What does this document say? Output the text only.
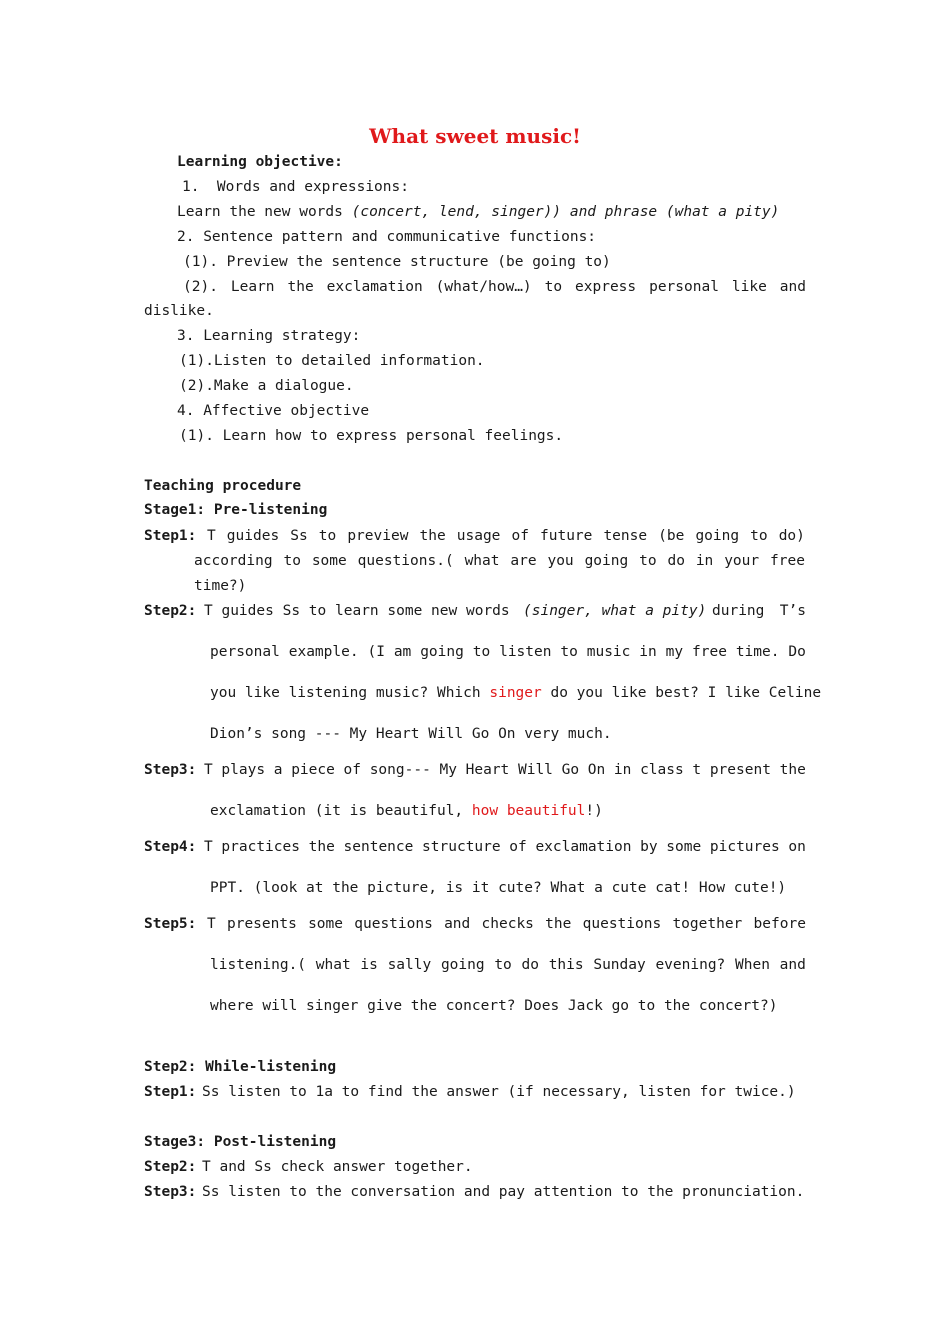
What sweet music!
Learning objective:
1.  Words and expressions:
Learn the new words (concert, lend, singer)) and phrase (what a pity)
2. Sentence pattern and communicative functions:
(1). Preview the sentence structure (be going to)
(2). Learn the exclamation (what/how…) to express personal like and
dislike.
3. Learning strategy:
(1).Listen to detailed information.
(2).Make a dialogue.
4. Affective objective
(1). Learn how to express personal feelings.
Teaching procedure
Stage1: Pre-listening
Step1: T guides Ss to preview the usage of future tense (be going to do)
according to some questions.( what are you going to do in your free
time?)
Step2: T guides Ss to learn some new words (singer, what a pity) during T’s
personal example. (I am going to listen to music in my free time. Do
you like listening music? Which singer do you like best? I like Celine
Dion’s song --- My Heart Will Go On very much.
Step3: T plays a piece of song--- My Heart Will Go On in class t present the
exclamation (it is beautiful, how beautiful!)
Step4: T practices the sentence structure of exclamation by some pictures on
PPT. (look at the picture, is it cute? What a cute cat! How cute!)
Step5: T presents some questions and checks the questions together before
listening.( what is sally going to do this Sunday evening? When and
where will singer give the concert? Does Jack go to the concert?)
Step2: While-listening
Step1: Ss listen to 1a to find the answer (if necessary, listen for twice.)
Stage3: Post-listening
Step2: T and Ss check answer together.
Step3: Ss listen to the conversation and pay attention to the pronunciation.
